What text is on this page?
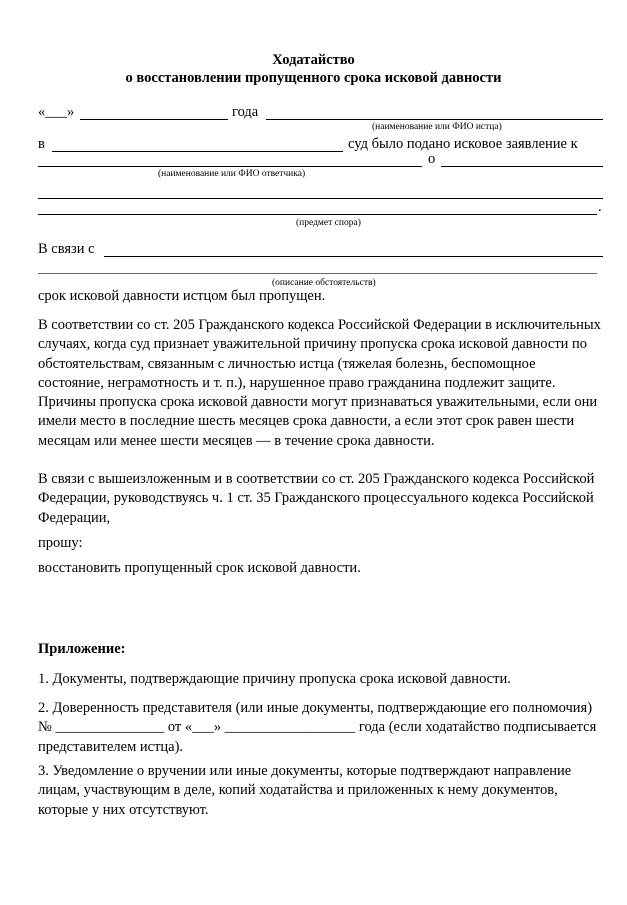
Ходатайство
о восстановлении пропущенного срока исковой давности
«___»	года
(наименование или ФИО истца)
в	суд было подано исковое заявление к
о
(наименование или ФИО ответчика)
.
(предмет спора)
В связи с
(описание обстоятельств)
срок исковой давности истцом был пропущен.
В соответствии со ст. 205 Гражданского кодекса Российской Федерации в исключительных случаях, когда суд признает уважительной причину пропуска срока исковой давности по обстоятельствам, связанным с личностью истца (тяжелая болезнь, беспомощное состояние, неграмотность и т. п.), нарушенное право гражданина подлежит защите. Причины пропуска срока исковой давности могут признаваться уважительными, если они имели место в последние шесть месяцев срока давности, а если этот срок равен шести месяцам или менее шести месяцев — в течение срока давности.
В связи с вышеизложенным и в соответствии со ст. 205 Гражданского кодекса Российской Федерации, руководствуясь ч. 1 ст. 35 Гражданского процессуального кодекса Российской Федерации,
прошу:
восстановить пропущенный срок исковой давности.
Приложение:
1. Документы, подтверждающие причину пропуска срока исковой давности.
2. Доверенность представителя (или иные документы, подтверждающие его полномочия) № _______________ от «___» __________________ года (если ходатайство подписывается представителем истца).
3. Уведомление о вручении или иные документы, которые подтверждают направление лицам, участвующим в деле, копий ходатайства и приложенных к нему документов, которые у них отсутствуют.
